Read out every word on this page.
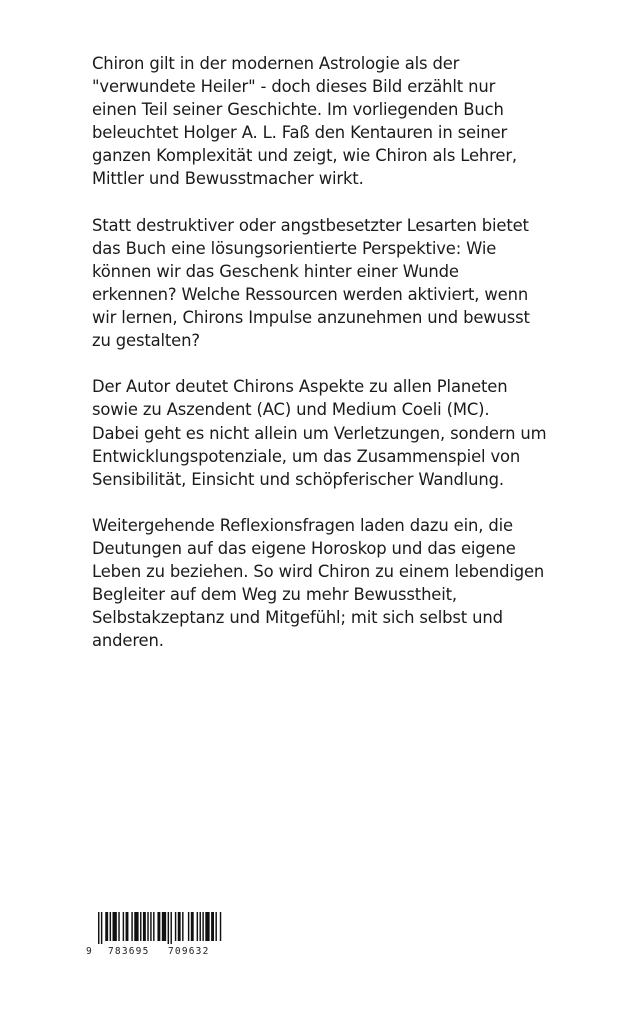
Chiron gilt in der modernen Astrologie als der
"verwundete Heiler" - doch dieses Bild erzählt nur
einen Teil seiner Geschichte. Im vorliegenden Buch
beleuchtet Holger A. L. Faß den Kentauren in seiner
ganzen Komplexität und zeigt, wie Chiron als Lehrer,
Mittler und Bewusstmacher wirkt.

Statt destruktiver oder angstbesetzter Lesarten bietet
das Buch eine lösungsorientierte Perspektive: Wie
können wir das Geschenk hinter einer Wunde
erkennen? Welche Ressourcen werden aktiviert, wenn
wir lernen, Chirons Impulse anzunehmen und bewusst
zu gestalten?

Der Autor deutet Chirons Aspekte zu allen Planeten
sowie zu Aszendent (AC) und Medium Coeli (MC).
Dabei geht es nicht allein um Verletzungen, sondern um
Entwicklungspotenziale, um das Zusammenspiel von
Sensibilität, Einsicht und schöpferischer Wandlung.

Weitergehende Reflexionsfragen laden dazu ein, die
Deutungen auf das eigene Horoskop und das eigene
Leben zu beziehen. So wird Chiron zu einem lebendigen
Begleiter auf dem Weg zu mehr Bewusstheit,
Selbstakzeptanz und Mitgefühl; mit sich selbst und
anderen.

9 783695 709632
